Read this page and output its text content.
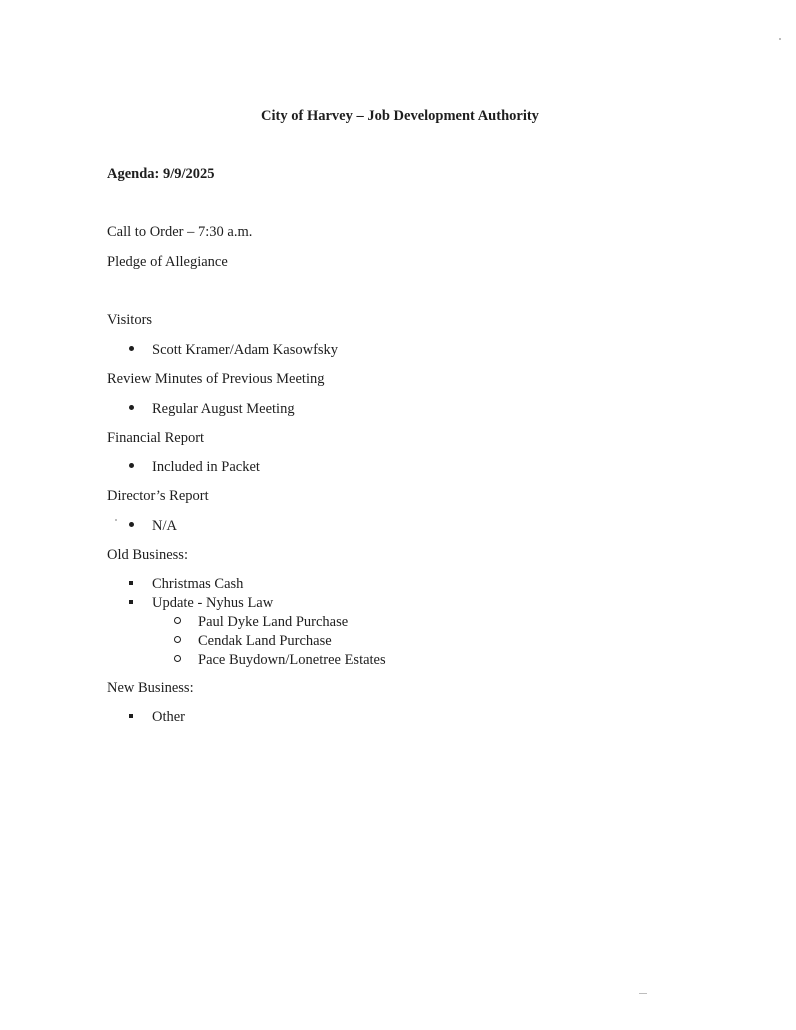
City of Harvey – Job Development Authority
Agenda: 9/9/2025
Call to Order – 7:30 a.m.
Pledge of Allegiance
Visitors
Scott Kramer/Adam Kasowfsky
Review Minutes of Previous Meeting
Regular August Meeting
Financial Report
Included in Packet
Director’s Report
N/A
Old Business:
Christmas Cash
Update - Nyhus Law
Paul Dyke Land Purchase
Cendak Land Purchase
Pace Buydown/Lonetree Estates
New Business:
Other
